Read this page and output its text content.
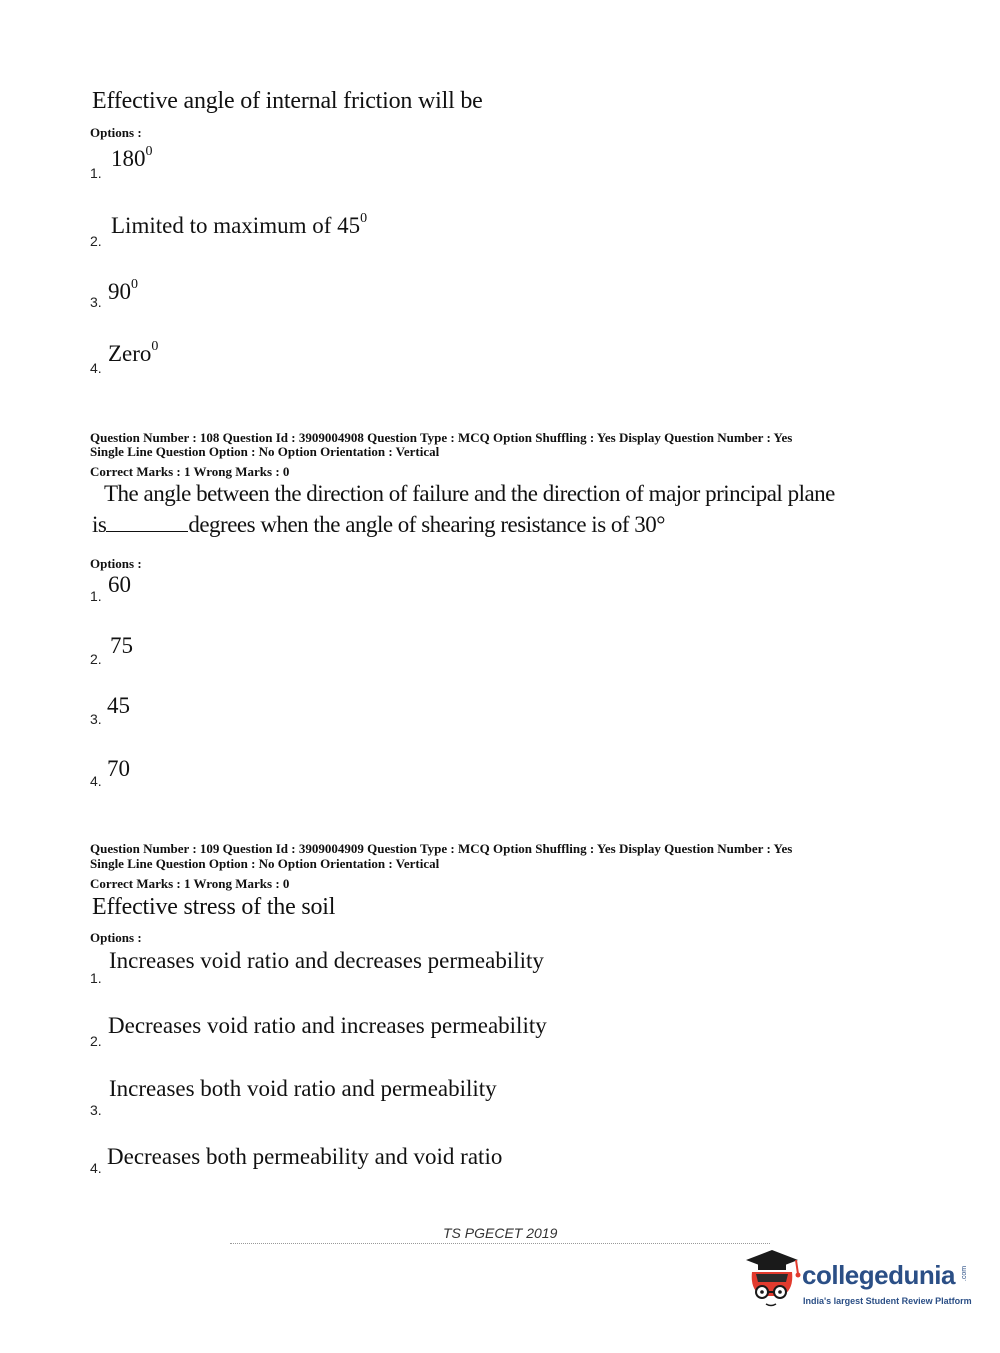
Effective angle of internal friction will be
Options :
1.
$180^0$
2.
Limited to maximum of $45^0$
3. $90^0$
4.
Zero$^0$
Question Number : 108 Question Id : 3909004908 Question Type : MCQ Option Shuffling : Yes Display Question Number : Yes
Single Line Question Option : No Option Orientation : Vertical
Correct Marks : 1 Wrong Marks : 0
The angle between the direction of failure and the direction of major principal plane
is	degrees when the angle of shearing resistance is of 30°
Options :
1. 60
2.
75
3.
45
4. 70
Question Number : 109 Question Id : 3909004909 Question Type : MCQ Option Shuffling : Yes Display Question Number : Yes
Single Line Question Option : No Option Orientation : Vertical
Correct Marks : 1 Wrong Marks : 0
Effective stress of the soil
Options :
1.
Increases void ratio and decreases permeability
2.
Decreases void ratio and increases permeability
3.
Increases both void ratio and permeability
4. Decreases both permeability and void ratio
TS PGECET 2019
collegedunia .com
India's largest Student Review Platform
